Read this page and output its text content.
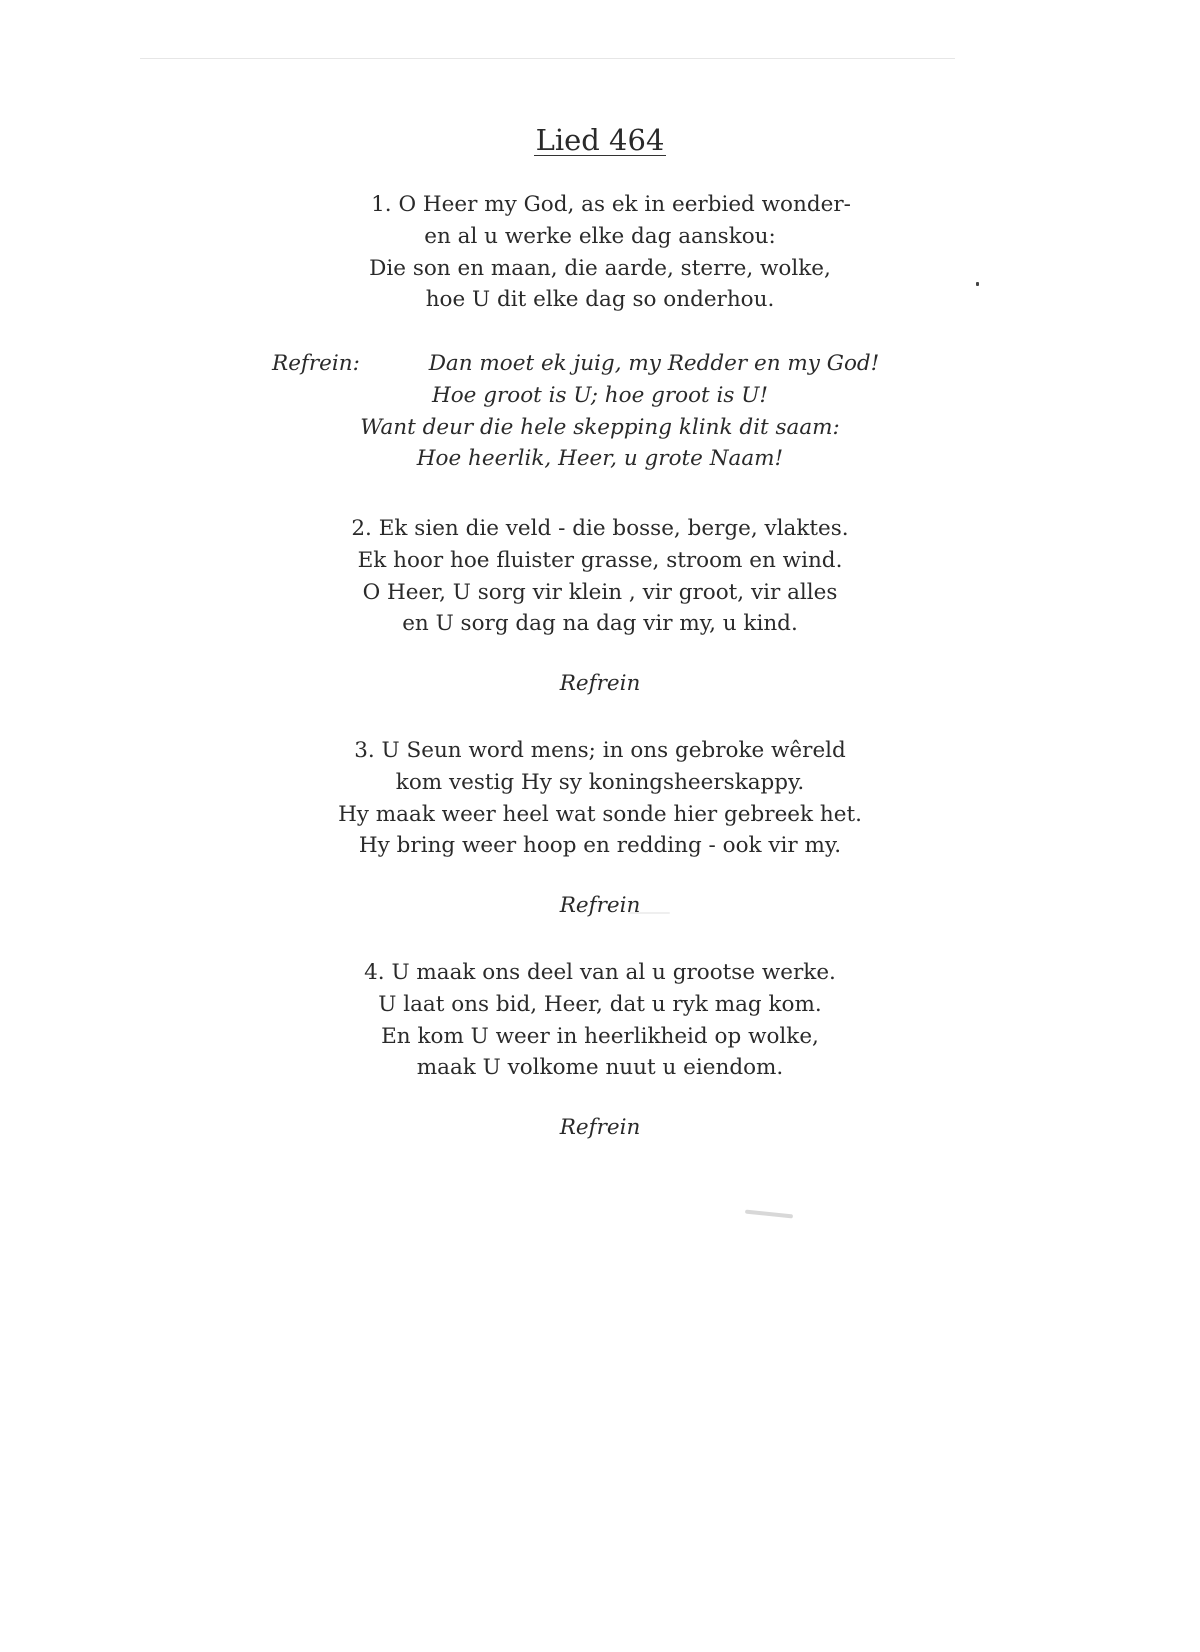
Lied 464
1. O Heer my God, as ek in eerbied wonder-
en al u werke elke dag aanskou:
Die son en maan, die aarde, sterre, wolke,
hoe U dit elke dag so onderhou.
Refrein:	Dan moet ek juig, my Redder en my God!
Hoe groot is U; hoe groot is U!
Want deur die hele skepping klink dit saam:
Hoe heerlik, Heer, u grote Naam!
2. Ek sien die veld - die bosse, berge, vlaktes.
Ek hoor hoe fluister grasse, stroom en wind.
O Heer, U sorg vir klein , vir groot, vir alles
en U sorg dag na dag vir my, u kind.
Refrein
3. U Seun word mens; in ons gebroke wêreld
kom vestig Hy sy koningsheerskappy.
Hy maak weer heel wat sonde hier gebreek het.
Hy bring weer hoop en redding - ook vir my.
Refrein
4. U maak ons deel van al u grootse werke.
U laat ons bid, Heer, dat u ryk mag kom.
En kom U weer in heerlikheid op wolke,
maak U volkome nuut u eiendom.
Refrein
